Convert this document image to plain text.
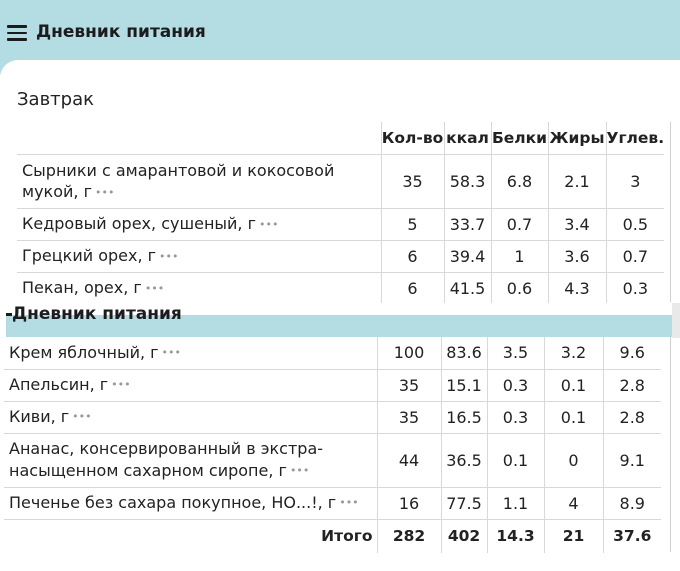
Дневник питания
Завтрак
	Кол-во	ккал	Белки	Жиры	Углев.
Сырники с амарантовой и кокосовой мукой, г •••	35	58.3	6.8	2.1	3
Кедровый орех, сушеный, г •••	5	33.7	0.7	3.4	0.5
Грецкий орех, г •••	6	39.4	1	3.6	0.7
Пекан, орех, г •••	6	41.5	0.6	4.3	0.3
Дневник питания
Крем яблочный, г •••	100	83.6	3.5	3.2	9.6
Апельсин, г •••	35	15.1	0.3	0.1	2.8
Киви, г •••	35	16.5	0.3	0.1	2.8
Ананас, консервированный в экстра-насыщенном сахарном сиропе, г •••	44	36.5	0.1	0	9.1
Печенье без сахара покупное, НО...!, г •••	16	77.5	1.1	4	8.9
Итого	282	402	14.3	21	37.6
